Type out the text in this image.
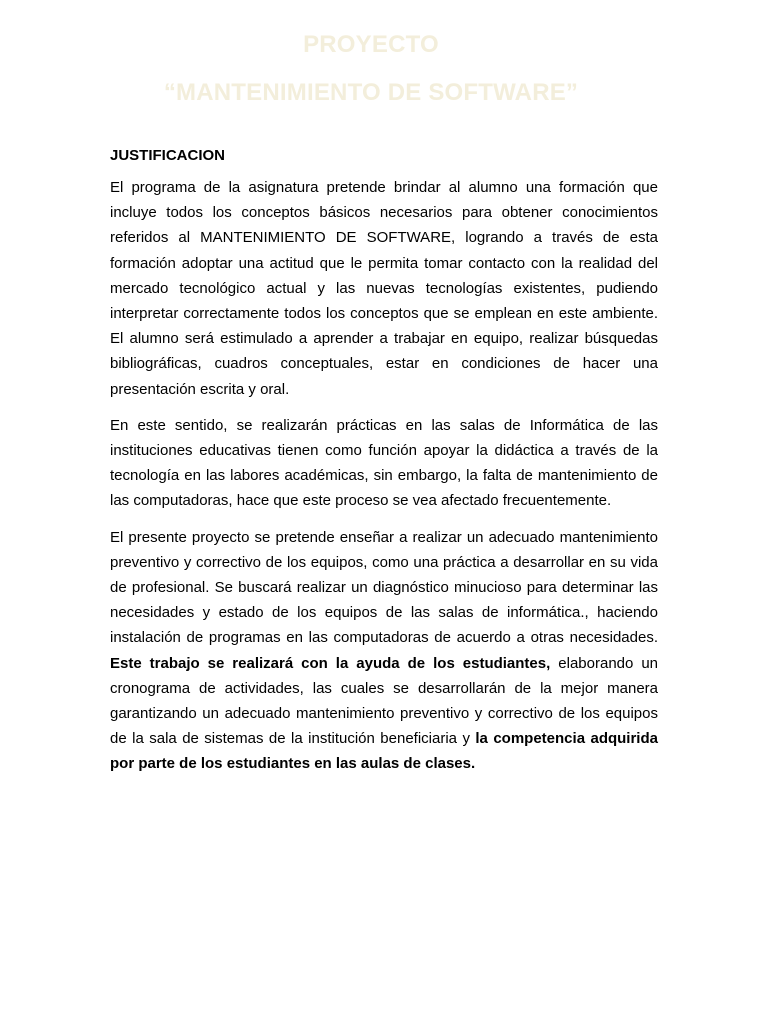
PROYECTO
“MANTENIMIENTO DE SOFTWARE”
JUSTIFICACION

El programa de la asignatura pretende brindar al alumno una formación que incluye todos los conceptos básicos necesarios para obtener conocimientos referidos al MANTENIMIENTO DE SOFTWARE, logrando a través de esta formación adoptar una actitud que le permita tomar contacto con la realidad del mercado tecnológico actual y las nuevas tecnologías existentes, pudiendo interpretar correctamente todos los conceptos que se emplean en este ambiente. El alumno será estimulado a aprender a trabajar en equipo, realizar búsquedas bibliográficas, cuadros conceptuales, estar en condiciones de hacer una presentación escrita y oral.

En este sentido, se realizarán prácticas en las salas de Informática de las instituciones educativas tienen como función apoyar la didáctica a través de la tecnología en las labores académicas, sin embargo, la falta de mantenimiento de las computadoras, hace que este proceso se vea afectado frecuentemente.

El presente proyecto se pretende enseñar a realizar un adecuado mantenimiento preventivo y correctivo de los equipos, como una práctica a desarrollar en su vida de profesional. Se buscará realizar un diagnóstico minucioso para determinar las necesidades y estado de los equipos de las salas de informática., haciendo instalación de programas en las computadoras de acuerdo a otras necesidades. Este trabajo se realizará con la ayuda de los estudiantes, elaborando un cronograma de actividades, las cuales se desarrollarán de la mejor manera garantizando un adecuado mantenimiento preventivo y correctivo de los equipos de la sala de sistemas de la institución beneficiaria y la competencia adquirida por parte de los estudiantes en las aulas de clases.
